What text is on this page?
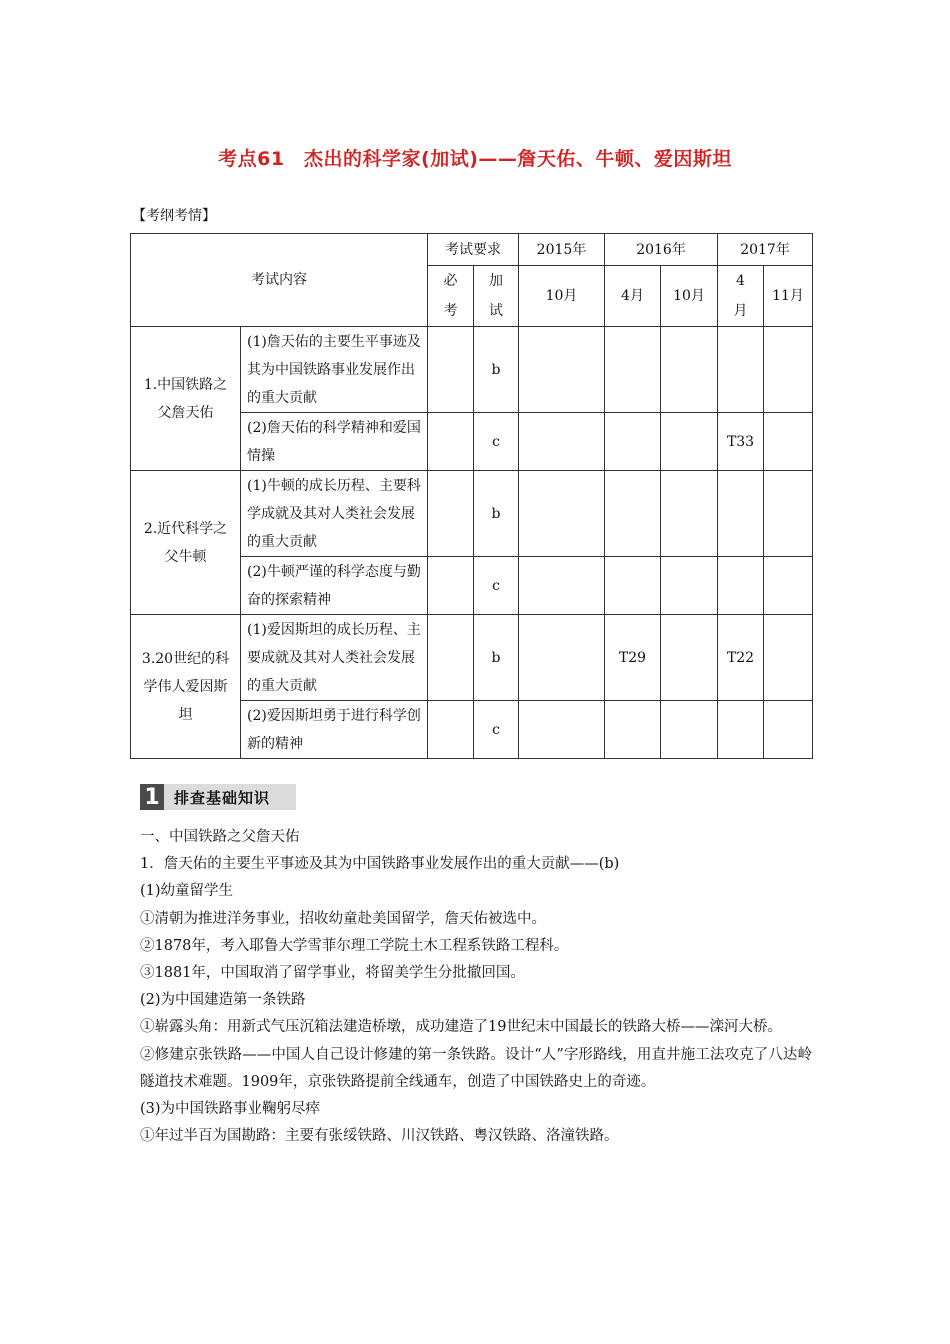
考点61　杰出的科学家(加试)——詹天佑、牛顿、爱因斯坦
【考纲考情】
考试内容		考试要求		2015年	2016年		2017年	
		必考	加试	10月	4月	10月	4月	11月
1.中国铁路之父詹天佑	(1)詹天佑的主要生平事迹及其为中国铁路事业发展作出的重大贡献		b					
	(2)詹天佑的科学精神和爱国情操		c				T33	
2.近代科学之父牛顿	(1)牛顿的成长历程、主要科学成就及其对人类社会发展的重大贡献		b					
	(2)牛顿严谨的科学态度与勤奋的探索精神		c					
3.20世纪的科学伟人爱因斯坦	(1)爱因斯坦的成长历程、主要成就及其对人类社会发展的重大贡献		b		T29		T22	
	(2)爱因斯坦勇于进行科学创新的精神		c					
1 排查基础知识

一、中国铁路之父詹天佑

1．詹天佑的主要生平事迹及其为中国铁路事业发展作出的重大贡献——(b)

(1)幼童留学生

①清朝为推进洋务事业，招收幼童赴美国留学，詹天佑被选中。

②1878年，考入耶鲁大学雪菲尔理工学院土木工程系铁路工程科。

③1881年，中国取消了留学事业，将留美学生分批撤回国。

(2)为中国建造第一条铁路

①崭露头角：用新式气压沉箱法建造桥墩，成功建造了19世纪末中国最长的铁路大桥——滦河大桥。

②修建京张铁路——中国人自己设计修建的第一条铁路。设计“人”字形路线，用直井施工法攻克了八达岭隧道技术难题。1909年，京张铁路提前全线通车，创造了中国铁路史上的奇迹。

(3)为中国铁路事业鞠躬尽瘁

①年过半百为国勘路：主要有张绥铁路、川汉铁路、粤汉铁路、洛潼铁路。
